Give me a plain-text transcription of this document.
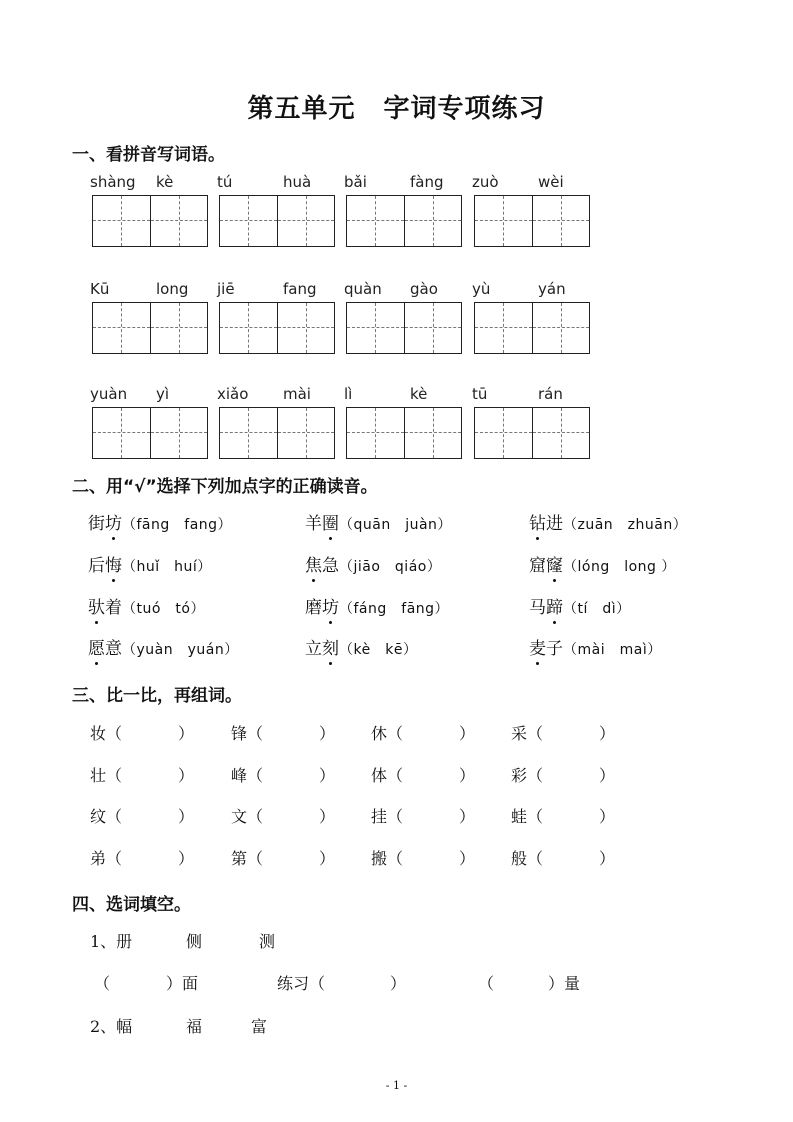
第五单元 字词专项练习
一、看拼音写词语。
shàng kè	tú	huà bǎi	fàng zuò	wèi
Kū	long jiē	fang quàn gào yù	yán
yuàn yì	xiǎo mài lì	kè	tū	rán
二、用“√”选择下列加点字的正确读音。
街坊（fāng　fang）	羊圈（quān　juàn）	钻进（zuān　zhuān）
后悔（huǐ　huí）	焦急（jiāo　qiáo）	窟窿（lóng　long ）
驮着（tuó　tó）	磨坊（fáng　fāng）	马蹄（tí　dì）
愿意（yuàn　yuán）	立刻（kè　kē）	麦子（mài　maì）
三、比一比，再组词。
妆（	） 锋（	） 休（	） 采（	）
壮（	） 峰（	） 体（	） 彩（	）
纹（	） 文（	） 挂（	） 蛙（	）
弟（	） 第（	） 搬（	） 般（	）
四、选词填空。
1、册	侧	测
（	）面	练习（	）	（	）量
2、幅	福	富
- 1 -
